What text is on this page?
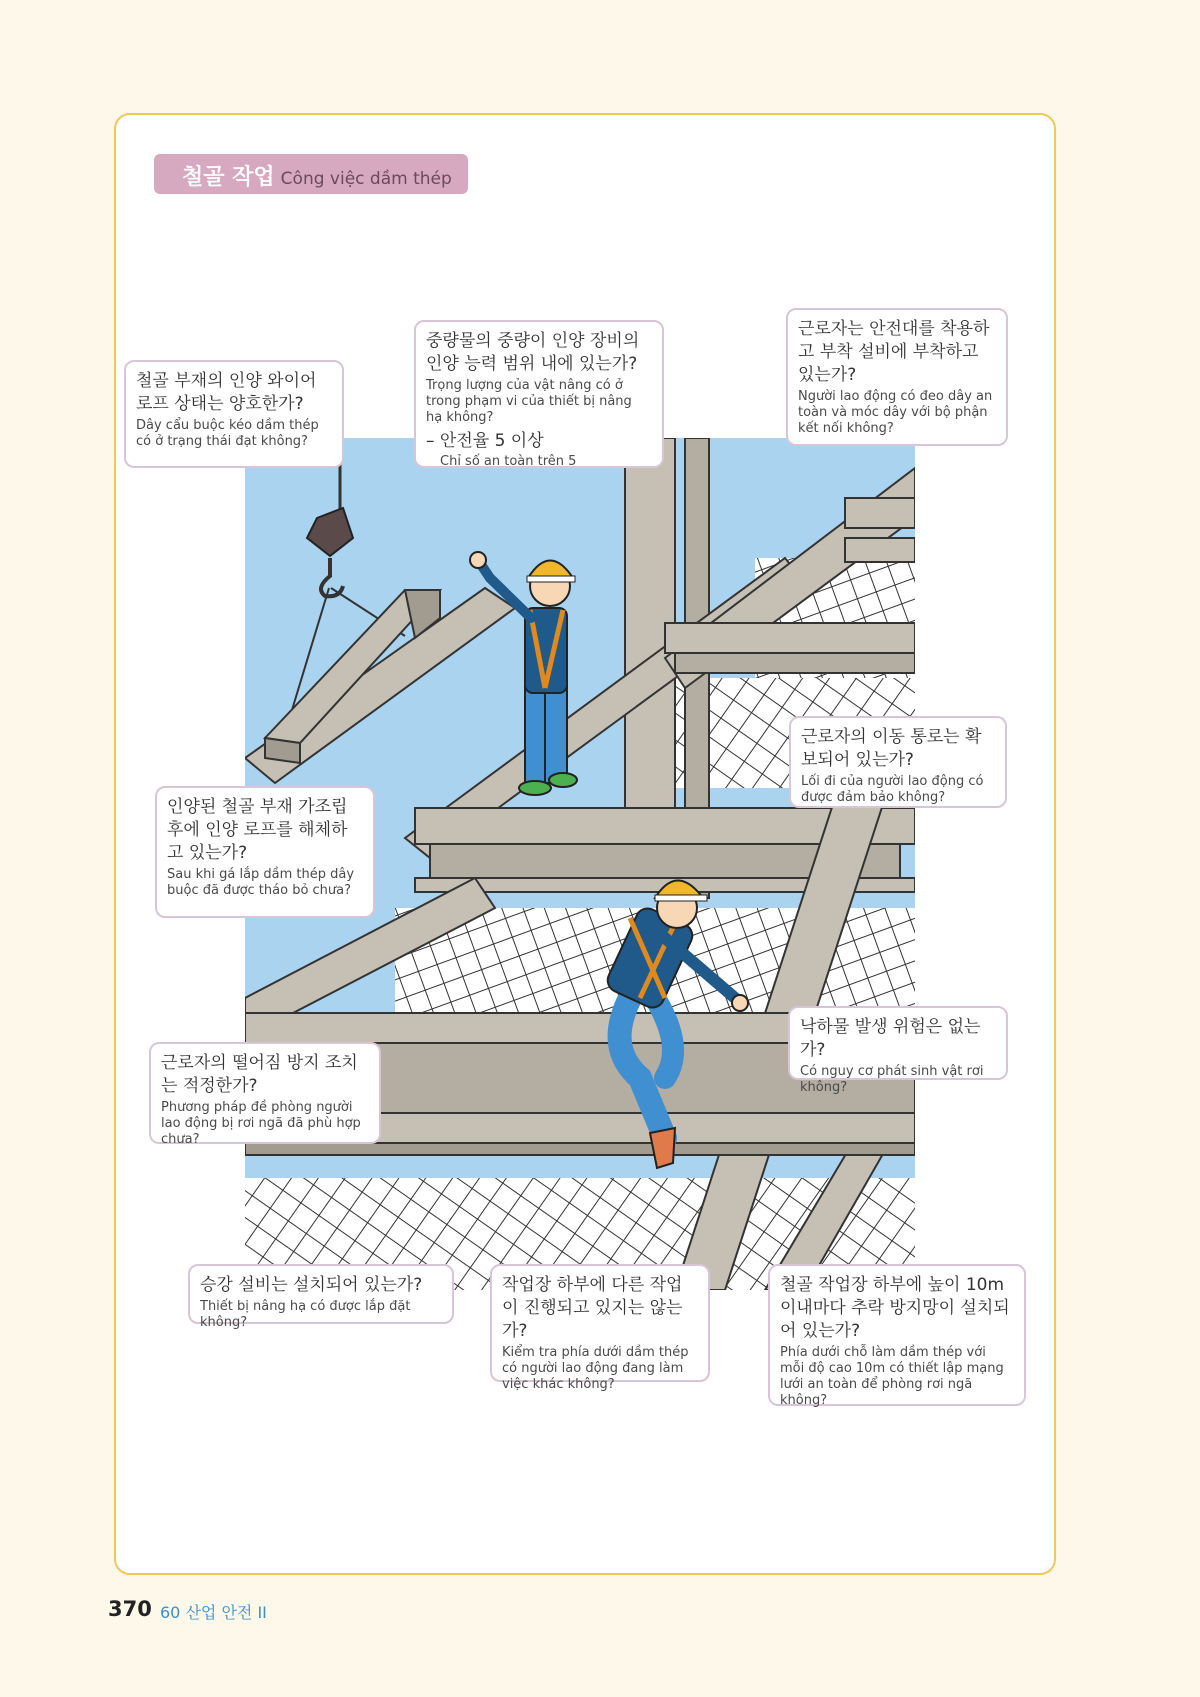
철골 작업 Công việc dầm thép
철골 부재의 인양 와이어로프 상태는 양호한가?
Dây cẩu buộc kéo dầm thép có ở trạng thái đạt không?
중량물의 중량이 인양 장비의 인양 능력 범위 내에 있는가?
Trọng lượng của vật nâng có ở trong phạm vi của thiết bị nâng hạ không?
– 안전율 5 이상
Chỉ số an toàn trên 5
근로자는 안전대를 착용하고 부착 설비에 부착하고 있는가?
Người lao động có đeo dây an toàn và móc dây với bộ phận kết nối không?
근로자의 이동 통로는 확보되어 있는가?
Lối đi của người lao động có được đảm bảo không?
인양된 철골 부재 가조립 후에 인양 로프를 해체하고 있는가?
Sau khi gá lắp dầm thép dây buộc đã được tháo bỏ chưa?
낙하물 발생 위험은 없는가?
Có nguy cơ phát sinh vật rơi không?
근로자의 떨어짐 방지 조치는 적정한가?
Phương pháp đề phòng người lao động bị rơi ngã đã phù hợp chưa?
승강 설비는 설치되어 있는가?
Thiết bị nâng hạ có được lắp đặt không?
작업장 하부에 다른 작업이 진행되고 있지는 않는가?
Kiểm tra phía dưới dầm thép có người lao động đang làm việc khác không?
철골 작업장 하부에 높이 10m 이내마다 추락 방지망이 설치되어 있는가?
Phía dưới chỗ làm dầm thép với mỗi độ cao 10m có thiết lập mạng lưới an toàn để phòng rơi ngã không?
370 60 산업 안전 II
